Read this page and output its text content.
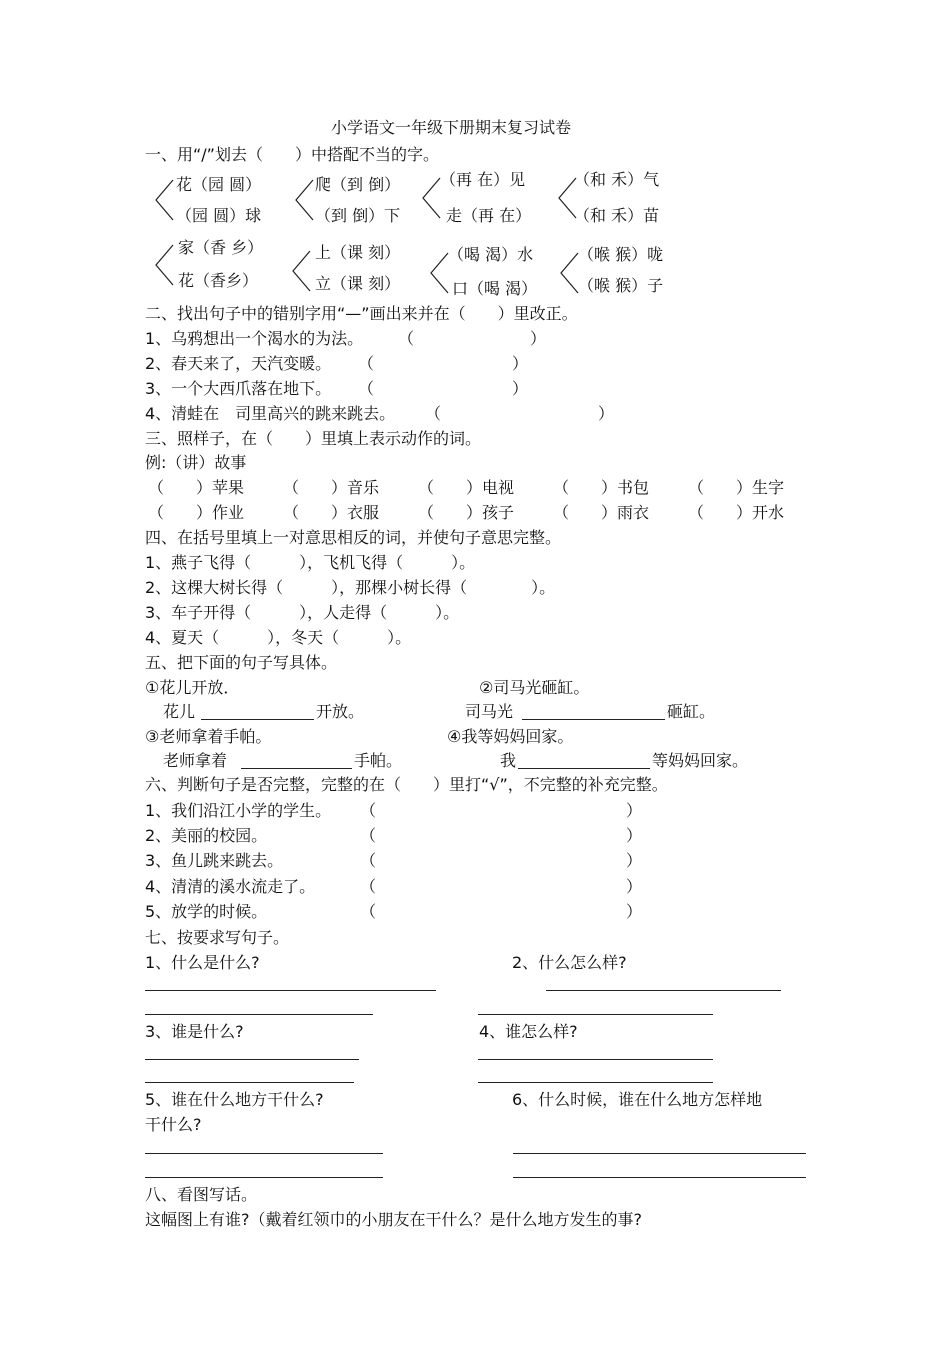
小学语文一年级下册期末复习试卷
一、用“/”划去（　　）中搭配不当的字。
花（园 圆）
（园 圆）球
爬（到 倒）
（到 倒）下
（再 在）见
走（再 在）
（和 禾）气
（和 禾）苗
家（香 乡）
花（香乡）
上（课 刻）
立（课 刻）
（喝 渴）水
口（喝 渴）
（喉 猴）咙
（喉 猴）子
二、找出句子中的错别字用“—”画出来并在（　　）里改正。
1、乌鸦想出一个渴水的为法。 （	）
2、春天来了，天汽变暖。 （	）
3、一个大西爪落在地下。 （	）
4、清蛙在　司里高兴的跳来跳去。 （	）
三、照样子，在（　　）里填上表示动作的词。
例:（讲）故事
（　　）苹果 （　　）音乐 （　　）电视 （　　）书包 （　　）生字
（　　）作业 （　　）衣服 （　　）孩子 （　　）雨衣 （　　）开水
四、在括号里填上一对意思相反的词，并使句子意思完整。
1、燕子飞得（　　　），飞机飞得（　　　）。
2、这棵大树长得（　　　），那棵小树长得（　　　　）。
3、车子开得（　　　），人走得（　　　）。
4、夏天（　　　），冬天（　　　）。
五、把下面的句子写具体。
①花儿开放．	②司马光砸缸。
花儿	开放。	司马光	砸缸。
③老师拿着手帕。	④我等妈妈回家。
老师拿着	手帕。	我	等妈妈回家。
六、判断句子是否完整，完整的在（　　）里打“√”，不完整的补充完整。
1、我们沿江小学的学生。 （	）
2、美丽的校园。	（	）
3、鱼儿跳来跳去。	（	）
4、清清的溪水流走了。	（	）
5、放学的时候。	（	）
七、按要求写句子。
1、什么是什么?	2、什么怎么样?
3、谁是什么?	4、谁怎么样?
5、谁在什么地方干什么?	6、什么时候，谁在什么地方怎样地
干什么?
八、看图写话。
这幅图上有谁?（戴着红领巾的小朋友在干什么？是什么地方发生的事?
